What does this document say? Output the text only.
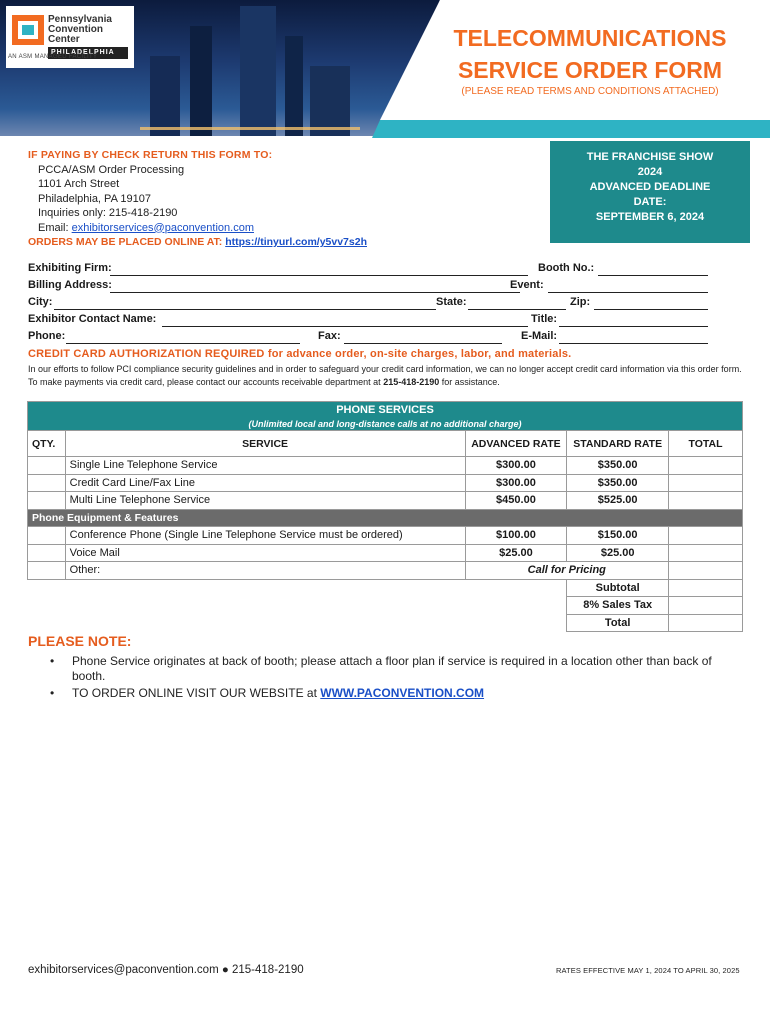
Pennsylvania
Convention Center
PHILADELPHIA
AN ASM MANAGED FACILITY
TELECOMMUNICATIONS
SERVICE ORDER FORM
(PLEASE READ TERMS AND CONDITIONS ATTACHED)
IF PAYING BY CHECK RETURN THIS FORM TO:
PCCA/ASM Order Processing
1101 Arch Street
Philadelphia, PA 19107
Inquiries only: 215-418-2190
Email: exhibitorservices@paconvention.com
ORDERS MAY BE PLACED ONLINE AT: https://tinyurl.com/y5vv7s2h
THE FRANCHISE SHOW
2024
ADVANCED DEADLINE
DATE:
SEPTEMBER 6, 2024
Exhibiting Firm:	Booth No.:
Billing Address:	Event:
City:	State:	Zip:
Exhibitor Contact Name:	Title:
Phone:	Fax:	E-Mail:
CREDIT CARD AUTHORIZATION REQUIRED for advance order, on-site charges, labor, and materials.
In our efforts to follow PCI compliance security guidelines and in order to safeguard your credit card information, we can no longer accept credit card information via this order form. To make payments via credit card, please contact our accounts receivable department at 215-418-2190 for assistance.
PHONE SERVICES
(Unlimited local and long-distance calls at no additional charge)				

QTY.	SERVICE	ADVANCED RATE	STANDARD RATE	TOTAL
	Single Line Telephone Service	$300.00	$350.00	
	Credit Card Line/Fax Line	$300.00	$350.00	
	Multi Line Telephone Service	$450.00	$525.00	
Phone Equipment & Features				
	Conference Phone (Single Line Telephone Service must be ordered)	$100.00	$150.00	
	Voice Mail	$25.00	$25.00	
	Other:	Call for Pricing		
			Subtotal	
			8% Sales Tax	
			Total	
PLEASE NOTE:
• Phone Service originates at back of booth; please attach a floor plan if service is required in a location other than back of booth.
• TO ORDER ONLINE VISIT OUR WEBSITE at WWW.PACONVENTION.COM
exhibitorservices@paconvention.com ● 215-418-2190	RATES EFFECTIVE MAY 1, 2024 TO APRIL 30, 2025
